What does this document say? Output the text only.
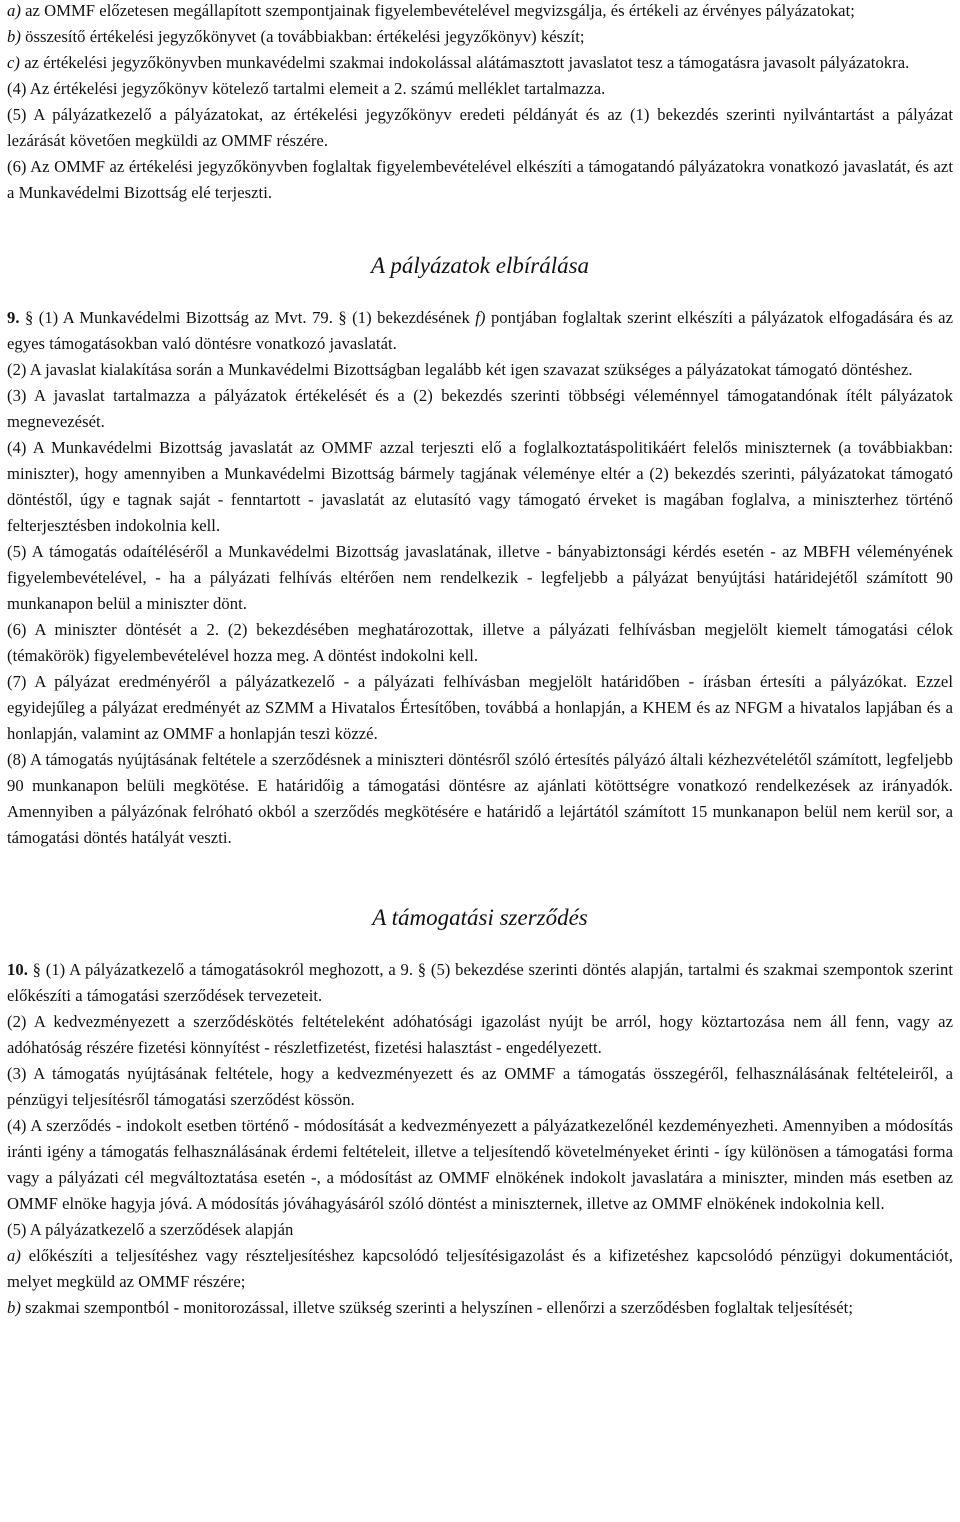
a) az OMMF előzetesen megállapított szempontjainak figyelembevételével megvizsgálja, és értékeli az érvényes pályázatokat;

b) összesítő értékelési jegyzőkönyvet (a továbbiakban: értékelési jegyzőkönyv) készít;

c) az értékelési jegyzőkönyvben munkavédelmi szakmai indokolással alátámasztott javaslatot tesz a támogatásra javasolt pályázatokra.

(4) Az értékelési jegyzőkönyv kötelező tartalmi elemeit a 2. számú melléklet tartalmazza.

(5) A pályázatkezelő a pályázatokat, az értékelési jegyzőkönyv eredeti példányát és az (1) bekezdés szerinti nyilvántartást a pályázat lezárását követően megküldi az OMMF részére.

(6) Az OMMF az értékelési jegyzőkönyvben foglaltak figyelembevételével elkészíti a támogatandó pályázatokra vonatkozó javaslatát, és azt a Munkavédelmi Bizottság elé terjeszti.

A pályázatok elbírálása

9. § (1) A Munkavédelmi Bizottság az Mvt. 79. § (1) bekezdésének f) pontjában foglaltak szerint elkészíti a pályázatok elfogadására és az egyes támogatásokban való döntésre vonatkozó javaslatát.

(2) A javaslat kialakítása során a Munkavédelmi Bizottságban legalább két igen szavazat szükséges a pályázatokat támogató döntéshez.

(3) A javaslat tartalmazza a pályázatok értékelését és a (2) bekezdés szerinti többségi véleménnyel támogatandónak ítélt pályázatok megnevezését.

(4) A Munkavédelmi Bizottság javaslatát az OMMF azzal terjeszti elő a foglalkoztatáspolitikáért felelős miniszternek (a továbbiakban: miniszter), hogy amennyiben a Munkavédelmi Bizottság bármely tagjának véleménye eltér a (2) bekezdés szerinti, pályázatokat támogató döntéstől, úgy e tagnak saját - fenntartott - javaslatát az elutasító vagy támogató érveket is magában foglalva, a miniszterhez történő felterjesztésben indokolnia kell.

(5) A támogatás odaítéléséről a Munkavédelmi Bizottság javaslatának, illetve - bányabiztonsági kérdés esetén - az MBFH véleményének figyelembevételével, - ha a pályázati felhívás eltérően nem rendelkezik - legfeljebb a pályázat benyújtási határidejétől számított 90 munkanapon belül a miniszter dönt.

(6) A miniszter döntését a 2. (2) bekezdésében meghatározottak, illetve a pályázati felhívásban megjelölt kiemelt támogatási célok (témakörök) figyelembevételével hozza meg. A döntést indokolni kell.

(7) A pályázat eredményéről a pályázatkezelő - a pályázati felhívásban megjelölt határidőben - írásban értesíti a pályázókat. Ezzel egyidejűleg a pályázat eredményét az SZMM a Hivatalos Értesítőben, továbbá a honlapján, a KHEM és az NFGM a hivatalos lapjában és a honlapján, valamint az OMMF a honlapján teszi közzé.

(8) A támogatás nyújtásának feltétele a szerződésnek a miniszteri döntésről szóló értesítés pályázó általi kézhezvételétől számított, legfeljebb 90 munkanapon belüli megkötése. E határidőig a támogatási döntésre az ajánlati kötöttségre vonatkozó rendelkezések az irányadók. Amennyiben a pályázónak felróható okból a szerződés megkötésére e határidő a lejártától számított 15 munkanapon belül nem kerül sor, a támogatási döntés hatályát veszti.

A támogatási szerződés

10. § (1) A pályázatkezelő a támogatásokról meghozott, a 9. § (5) bekezdése szerinti döntés alapján, tartalmi és szakmai szempontok szerint előkészíti a támogatási szerződések tervezeteit.

(2) A kedvezményezett a szerződéskötés feltételeként adóhatósági igazolást nyújt be arról, hogy köztartozása nem áll fenn, vagy az adóhatóság részére fizetési könnyítést - részletfizetést, fizetési halasztást - engedélyezett.

(3) A támogatás nyújtásának feltétele, hogy a kedvezményezett és az OMMF a támogatás összegéről, felhasználásának feltételeiről, a pénzügyi teljesítésről támogatási szerződést kössön.

(4) A szerződés - indokolt esetben történő - módosítását a kedvezményezett a pályázatkezelőnél kezdeményezheti. Amennyiben a módosítás iránti igény a támogatás felhasználásának érdemi feltételeit, illetve a teljesítendő követelményeket érinti - így különösen a támogatási forma vagy a pályázati cél megváltoztatása esetén -, a módosítást az OMMF elnökének indokolt javaslatára a miniszter, minden más esetben az OMMF elnöke hagyja jóvá. A módosítás jóváhagyásáról szóló döntést a miniszternek, illetve az OMMF elnökének indokolnia kell.

(5) A pályázatkezelő a szerződések alapján

a) előkészíti a teljesítéshez vagy részteljesítéshez kapcsolódó teljesítésigazolást és a kifizetéshez kapcsolódó pénzügyi dokumentációt, melyet megküld az OMMF részére;

b) szakmai szempontból - monitorozással, illetve szükség szerinti a helyszínen - ellenőrzi a szerződésben foglaltak teljesítését;
